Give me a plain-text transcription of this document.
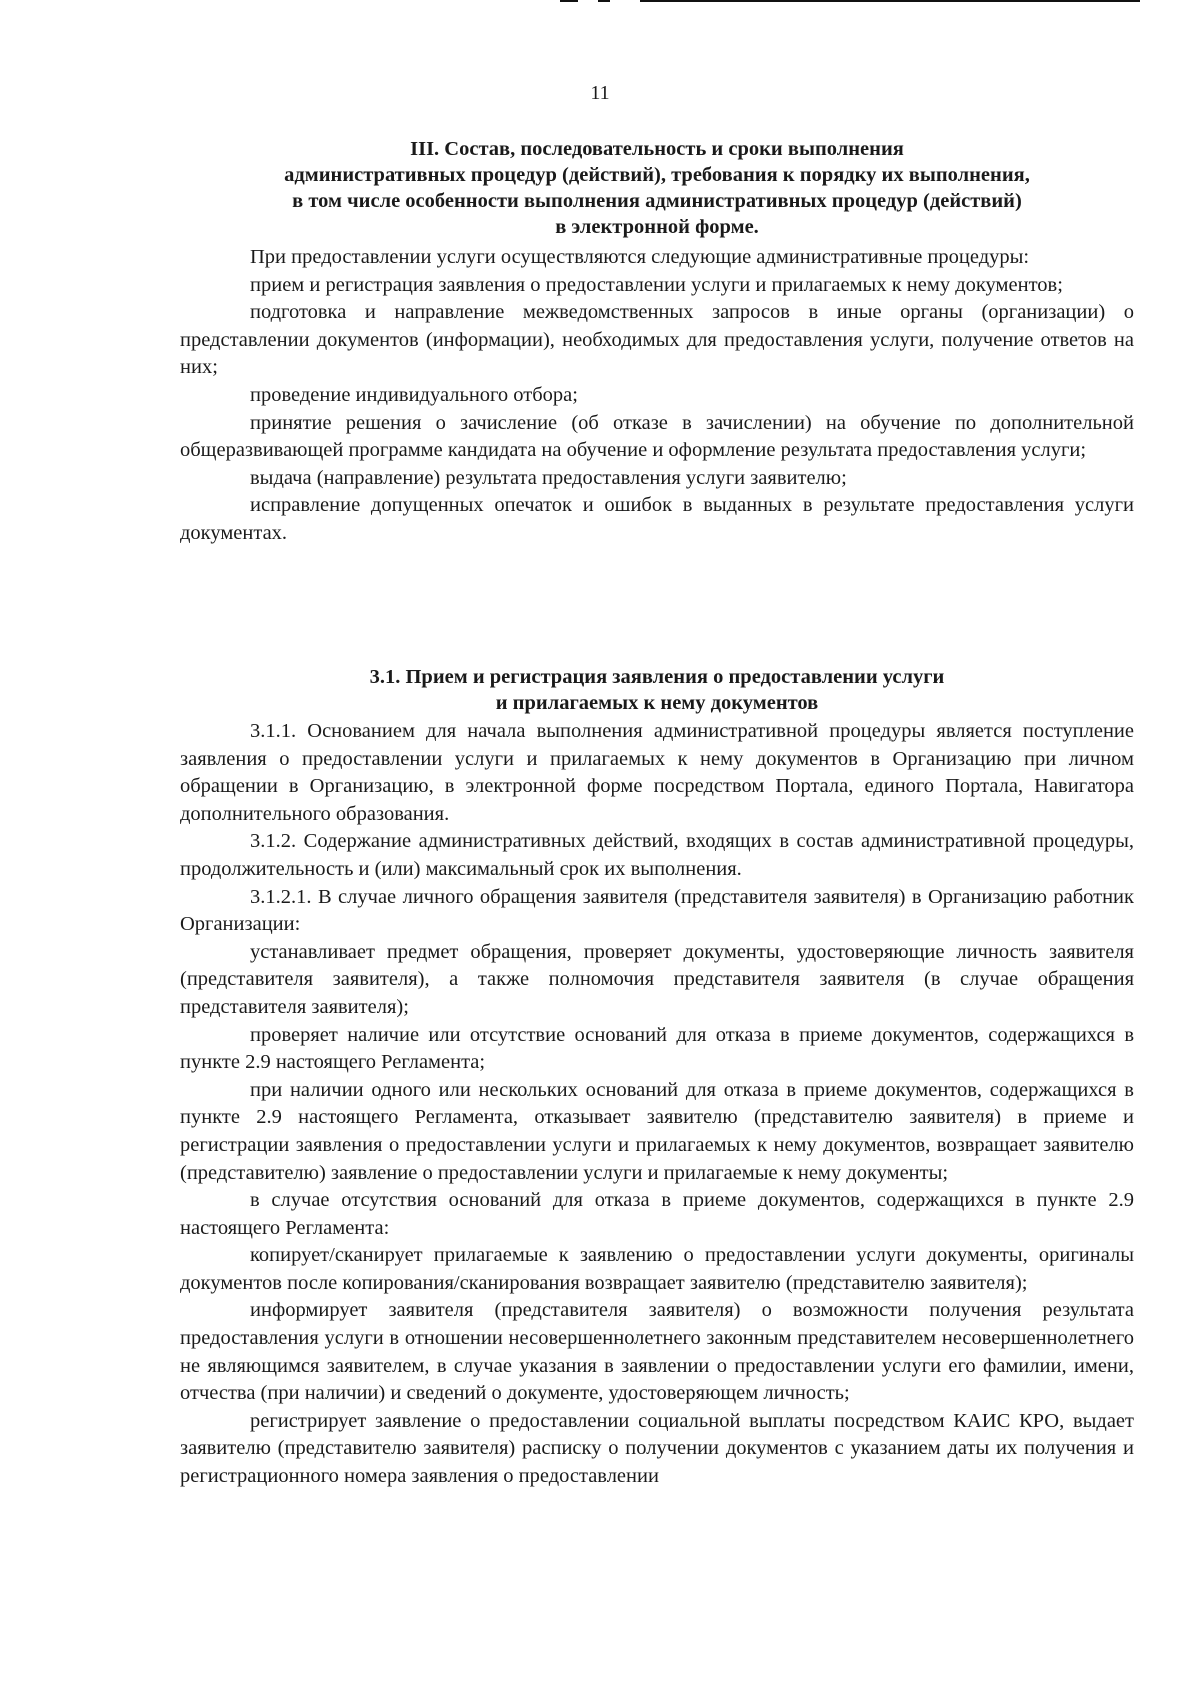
11
III. Состав, последовательность и сроки выполнения
административных процедур (действий), требования к порядку их выполнения,
в том числе особенности выполнения административных процедур (действий)
в электронной форме.

При предоставлении услуги осуществляются следующие административные процедуры:

прием и регистрация заявления о предоставлении услуги и прилагаемых к нему документов;

подготовка и направление межведомственных запросов в иные органы (организации) о представлении документов (информации), необходимых для предоставления услуги, получение ответов на них;

проведение индивидуального отбора;

принятие решения о зачисление (об отказе в зачислении) на обучение по дополнительной общеразвивающей программе кандидата на обучение и оформление результата предоставления услуги;

выдача (направление) результата предоставления услуги заявителю;

исправление допущенных опечаток и ошибок в выданных в результате предоставления услуги документах.

3.1. Прием и регистрация заявления о предоставлении услуги
и прилагаемых к нему документов

3.1.1. Основанием для начала выполнения административной процедуры является поступление заявления о предоставлении услуги и прилагаемых к нему документов в Организацию при личном обращении в Организацию, в электронной форме посредством Портала, единого Портала, Навигатора дополнительного образования.

3.1.2. Содержание административных действий, входящих в состав административной процедуры, продолжительность и (или) максимальный срок их выполнения.

3.1.2.1. В случае личного обращения заявителя (представителя заявителя) в Организацию работник Организации:

устанавливает предмет обращения, проверяет документы, удостоверяющие личность заявителя (представителя заявителя), а также полномочия представителя заявителя (в случае обращения представителя заявителя);

проверяет наличие или отсутствие оснований для отказа в приеме документов, содержащихся в пункте 2.9 настоящего Регламента;

при наличии одного или нескольких оснований для отказа в приеме документов, содержащихся в пункте 2.9 настоящего Регламента, отказывает заявителю (представителю заявителя) в приеме и регистрации заявления о предоставлении услуги и прилагаемых к нему документов, возвращает заявителю (представителю) заявление о предоставлении услуги и прилагаемые к нему документы;

в случае отсутствия оснований для отказа в приеме документов, содержащихся в пункте 2.9 настоящего Регламента:

копирует/сканирует прилагаемые к заявлению о предоставлении услуги документы, оригиналы документов после копирования/сканирования возвращает заявителю (представителю заявителя);

информирует заявителя (представителя заявителя) о возможности получения результата предоставления услуги в отношении несовершеннолетнего законным представителем несовершеннолетнего не являющимся заявителем, в случае указания в заявлении о предоставлении услуги его фамилии, имени, отчества (при наличии) и сведений о документе, удостоверяющем личность;

регистрирует заявление о предоставлении социальной выплаты посредством КАИС КРО, выдает заявителю (представителю заявителя) расписку о получении документов с указанием даты их получения и регистрационного номера заявления о предоставлении
